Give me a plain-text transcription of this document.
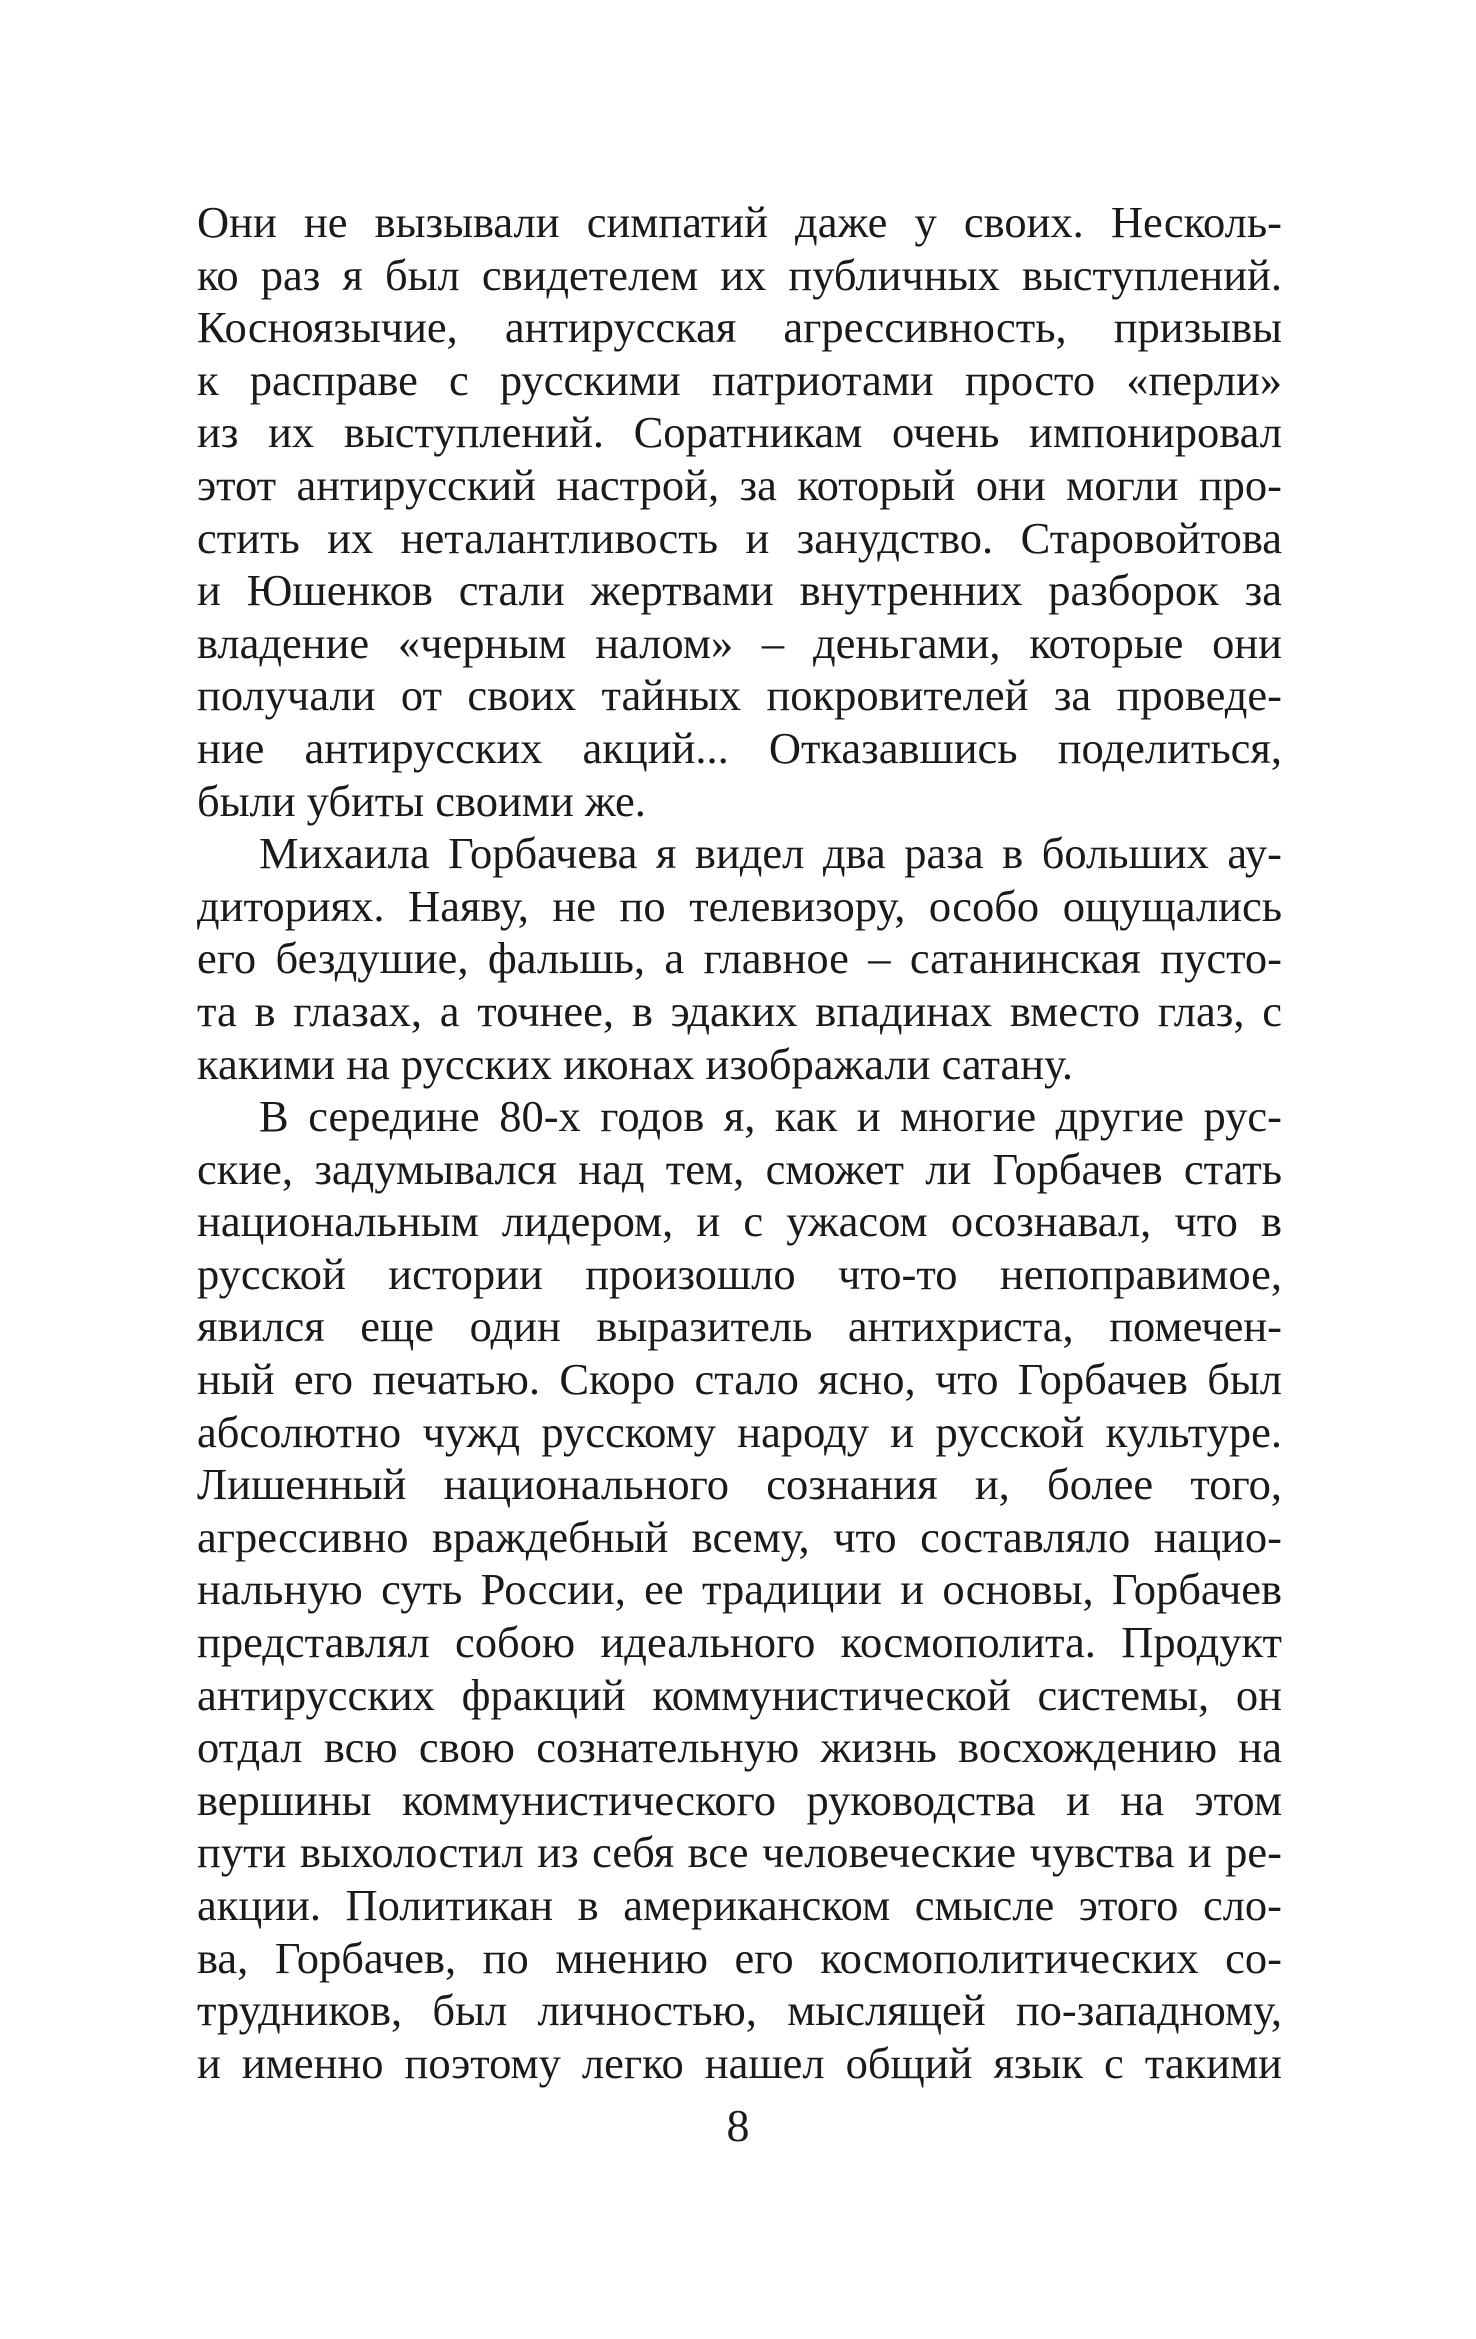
Они не вызывали симпатий даже у своих. Несколь-
ко раз я был свидетелем их публичных выступлений.
Косноязычие, антирусская агрессивность, призывы
к расправе с русскими патриотами просто «перли»
из их выступлений. Соратникам очень импонировал
этот антирусский настрой, за который они могли про-
стить их неталантливость и занудство. Старовойтова
и Юшенков стали жертвами внутренних разборок за
владение «черным налом» – деньгами, которые они
получали от своих тайных покровителей за проведе-
ние антирусских акций... Отказавшись поделиться,
были убиты своими же.

Михаила Горбачева я видел два раза в больших ау-
диториях. Наяву, не по телевизору, особо ощущались
его бездушие, фальшь, а главное – сатанинская пусто-
та в глазах, а точнее, в эдаких впадинах вместо глаз, с
какими на русских иконах изображали сатану.

В середине 80-х годов я, как и многие другие рус-
ские, задумывался над тем, сможет ли Горбачев стать
национальным лидером, и с ужасом осознавал, что в
русской истории произошло что-то непоправимое,
явился еще один выразитель антихриста, помечен-
ный его печатью. Скоро стало ясно, что Горбачев был
абсолютно чужд русскому народу и русской культуре.
Лишенный национального сознания и, более того,
агрессивно враждебный всему, что составляло нацио-
нальную суть России, ее традиции и основы, Горбачев
представлял собою идеального космополита. Продукт
антирусских фракций коммунистической системы, он
отдал всю свою сознательную жизнь восхождению на
вершины коммунистического руководства и на этом
пути выхолостил из себя все человеческие чувства и ре-
акции. Политикан в американском смысле этого сло-
ва, Горбачев, по мнению его космополитических со-
трудников, был личностью, мыслящей по-западному,
и именно поэтому легко нашел общий язык с такими

8
